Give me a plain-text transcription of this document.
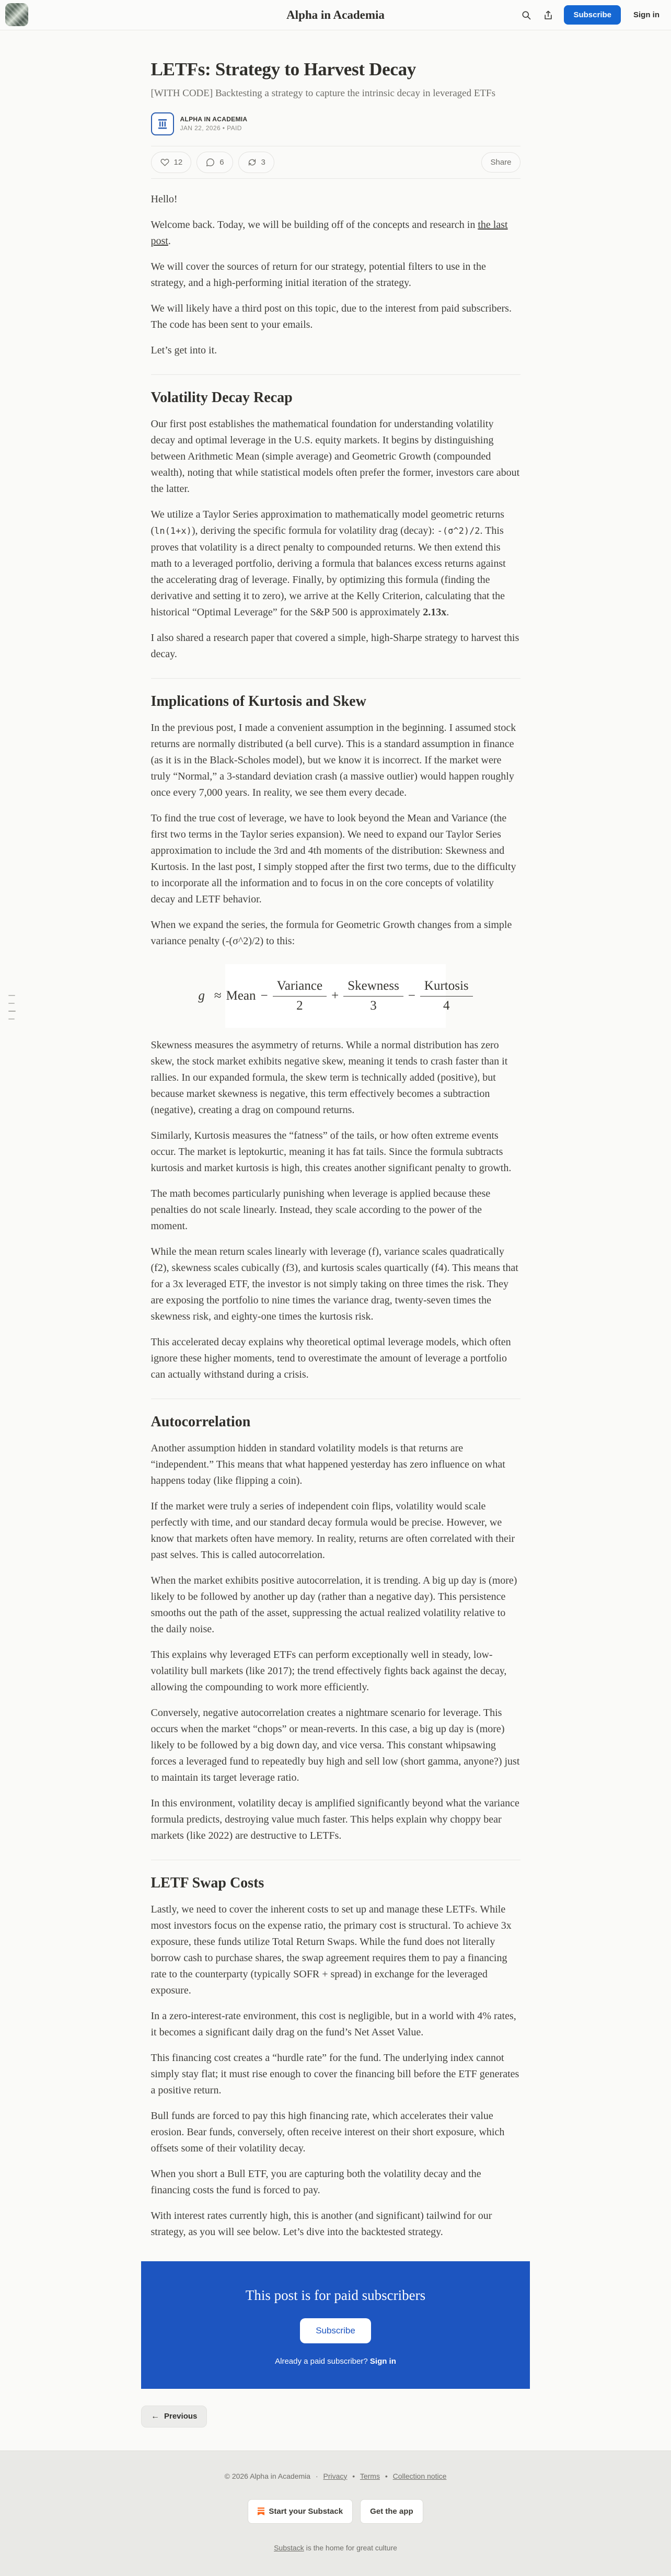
Alpha in Academia	Subscribe	Sign in
LETFs: Strategy to Harvest Decay
[WITH CODE] Backtesting a strategy to capture the intrinsic decay in leveraged ETFs
ALPHA IN ACADEMIA
JAN 22, 2026 • PAID
12	6	3	Share

Hello!

Welcome back. Today, we will be building off of the concepts and research in the last post.

We will cover the sources of return for our strategy, potential filters to use in the strategy, and a high-performing initial iteration of the strategy.

We will likely have a third post on this topic, due to the interest from paid subscribers. The code has been sent to your emails.

Let’s get into it.

Volatility Decay Recap

Our first post establishes the mathematical foundation for understanding volatility decay and optimal leverage in the U.S. equity markets. It begins by distinguishing between Arithmetic Mean (simple average) and Geometric Growth (compounded wealth), noting that while statistical models often prefer the former, investors care about the latter.

We utilize a Taylor Series approximation to mathematically model geometric returns (ln(1+x)), deriving the specific formula for volatility drag (decay): -(σ^2)/2. This proves that volatility is a direct penalty to compounded returns. We then extend this math to a leveraged portfolio, deriving a formula that balances excess returns against the accelerating drag of leverage. Finally, by optimizing this formula (finding the derivative and setting it to zero), we arrive at the Kelly Criterion, calculating that the historical “Optimal Leverage” for the S&P 500 is approximately 2.13x.

I also shared a research paper that covered a simple, high-Sharpe strategy to harvest this decay.

Implications of Kurtosis and Skew

In the previous post, I made a convenient assumption in the beginning. I assumed stock returns are normally distributed (a bell curve). This is a standard assumption in finance (as it is in the Black-Scholes model), but we know it is incorrect. If the market were truly “Normal,” a 3-standard deviation crash (a massive outlier) would happen roughly once every 7,000 years. In reality, we see them every decade.

To find the true cost of leverage, we have to look beyond the Mean and Variance (the first two terms in the Taylor series expansion). We need to expand our Taylor Series approximation to include the 3rd and 4th moments of the distribution: Skewness and Kurtosis. In the last post, I simply stopped after the first two terms, due to the difficulty to incorporate all the information and to focus in on the core concepts of volatility decay and LETF behavior.

When we expand the series, the formula for Geometric Growth changes from a simple variance penalty (-(σ^2)/2) to this:

g ≈ Mean − $\frac{\text{Variance}}{2} + \frac{\text{Skewness}}{3} - \frac{\text{Kurtosis}}{4}$

Skewness measures the asymmetry of returns. While a normal distribution has zero skew, the stock market exhibits negative skew, meaning it tends to crash faster than it rallies. In our expanded formula, the skew term is technically added (positive), but because market skewness is negative, this term effectively becomes a subtraction (negative), creating a drag on compound returns.

Similarly, Kurtosis measures the “fatness” of the tails, or how often extreme events occur. The market is leptokurtic, meaning it has fat tails. Since the formula subtracts kurtosis and market kurtosis is high, this creates another significant penalty to growth.

The math becomes particularly punishing when leverage is applied because these penalties do not scale linearly. Instead, they scale according to the power of the moment.

While the mean return scales linearly with leverage (f), variance scales quadratically (f2), skewness scales cubically (f3), and kurtosis scales quartically (f4). This means that for a 3x leveraged ETF, the investor is not simply taking on three times the risk. They are exposing the portfolio to nine times the variance drag, twenty-seven times the skewness risk, and eighty-one times the kurtosis risk.

This accelerated decay explains why theoretical optimal leverage models, which often ignore these higher moments, tend to overestimate the amount of leverage a portfolio can actually withstand during a crisis.

Autocorrelation

Another assumption hidden in standard volatility models is that returns are “independent.” This means that what happened yesterday has zero influence on what happens today (like flipping a coin).

If the market were truly a series of independent coin flips, volatility would scale perfectly with time, and our standard decay formula would be precise. However, we know that markets often have memory. In reality, returns are often correlated with their past selves. This is called autocorrelation.

When the market exhibits positive autocorrelation, it is trending. A big up day is (more) likely to be followed by another up day (rather than a negative day). This persistence smooths out the path of the asset, suppressing the actual realized volatility relative to the daily noise.

This explains why leveraged ETFs can perform exceptionally well in steady, low-volatility bull markets (like 2017); the trend effectively fights back against the decay, allowing the compounding to work more efficiently.

Conversely, negative autocorrelation creates a nightmare scenario for leverage. This occurs when the market “chops” or mean-reverts. In this case, a big up day is (more) likely to be followed by a big down day, and vice versa. This constant whipsawing forces a leveraged fund to repeatedly buy high and sell low (short gamma, anyone?) just to maintain its target leverage ratio.

In this environment, volatility decay is amplified significantly beyond what the variance formula predicts, destroying value much faster. This helps explain why choppy bear markets (like 2022) are destructive to LETFs.

LETF Swap Costs

Lastly, we need to cover the inherent costs to set up and manage these LETFs. While most investors focus on the expense ratio, the primary cost is structural. To achieve 3x exposure, these funds utilize Total Return Swaps. While the fund does not literally borrow cash to purchase shares, the swap agreement requires them to pay a financing rate to the counterparty (typically SOFR + spread) in exchange for the leveraged exposure.

In a zero-interest-rate environment, this cost is negligible, but in a world with 4% rates, it becomes a significant daily drag on the fund’s Net Asset Value.

This financing cost creates a “hurdle rate” for the fund. The underlying index cannot simply stay flat; it must rise enough to cover the financing bill before the ETF generates a positive return.

Bull funds are forced to pay this high financing rate, which accelerates their value erosion. Bear funds, conversely, often receive interest on their short exposure, which offsets some of their volatility decay.

When you short a Bull ETF, you are capturing both the volatility decay and the financing costs the fund is forced to pay.

With interest rates currently high, this is another (and significant) tailwind for our strategy, as you will see below. Let’s dive into the backtested strategy.

This post is for paid subscribers
Subscribe
Already a paid subscriber? Sign in
← Previous
© 2026 Alpha in Academia · Privacy • Terms • Collection notice
Start your Substack	Get the app
Substack is the home for great culture
